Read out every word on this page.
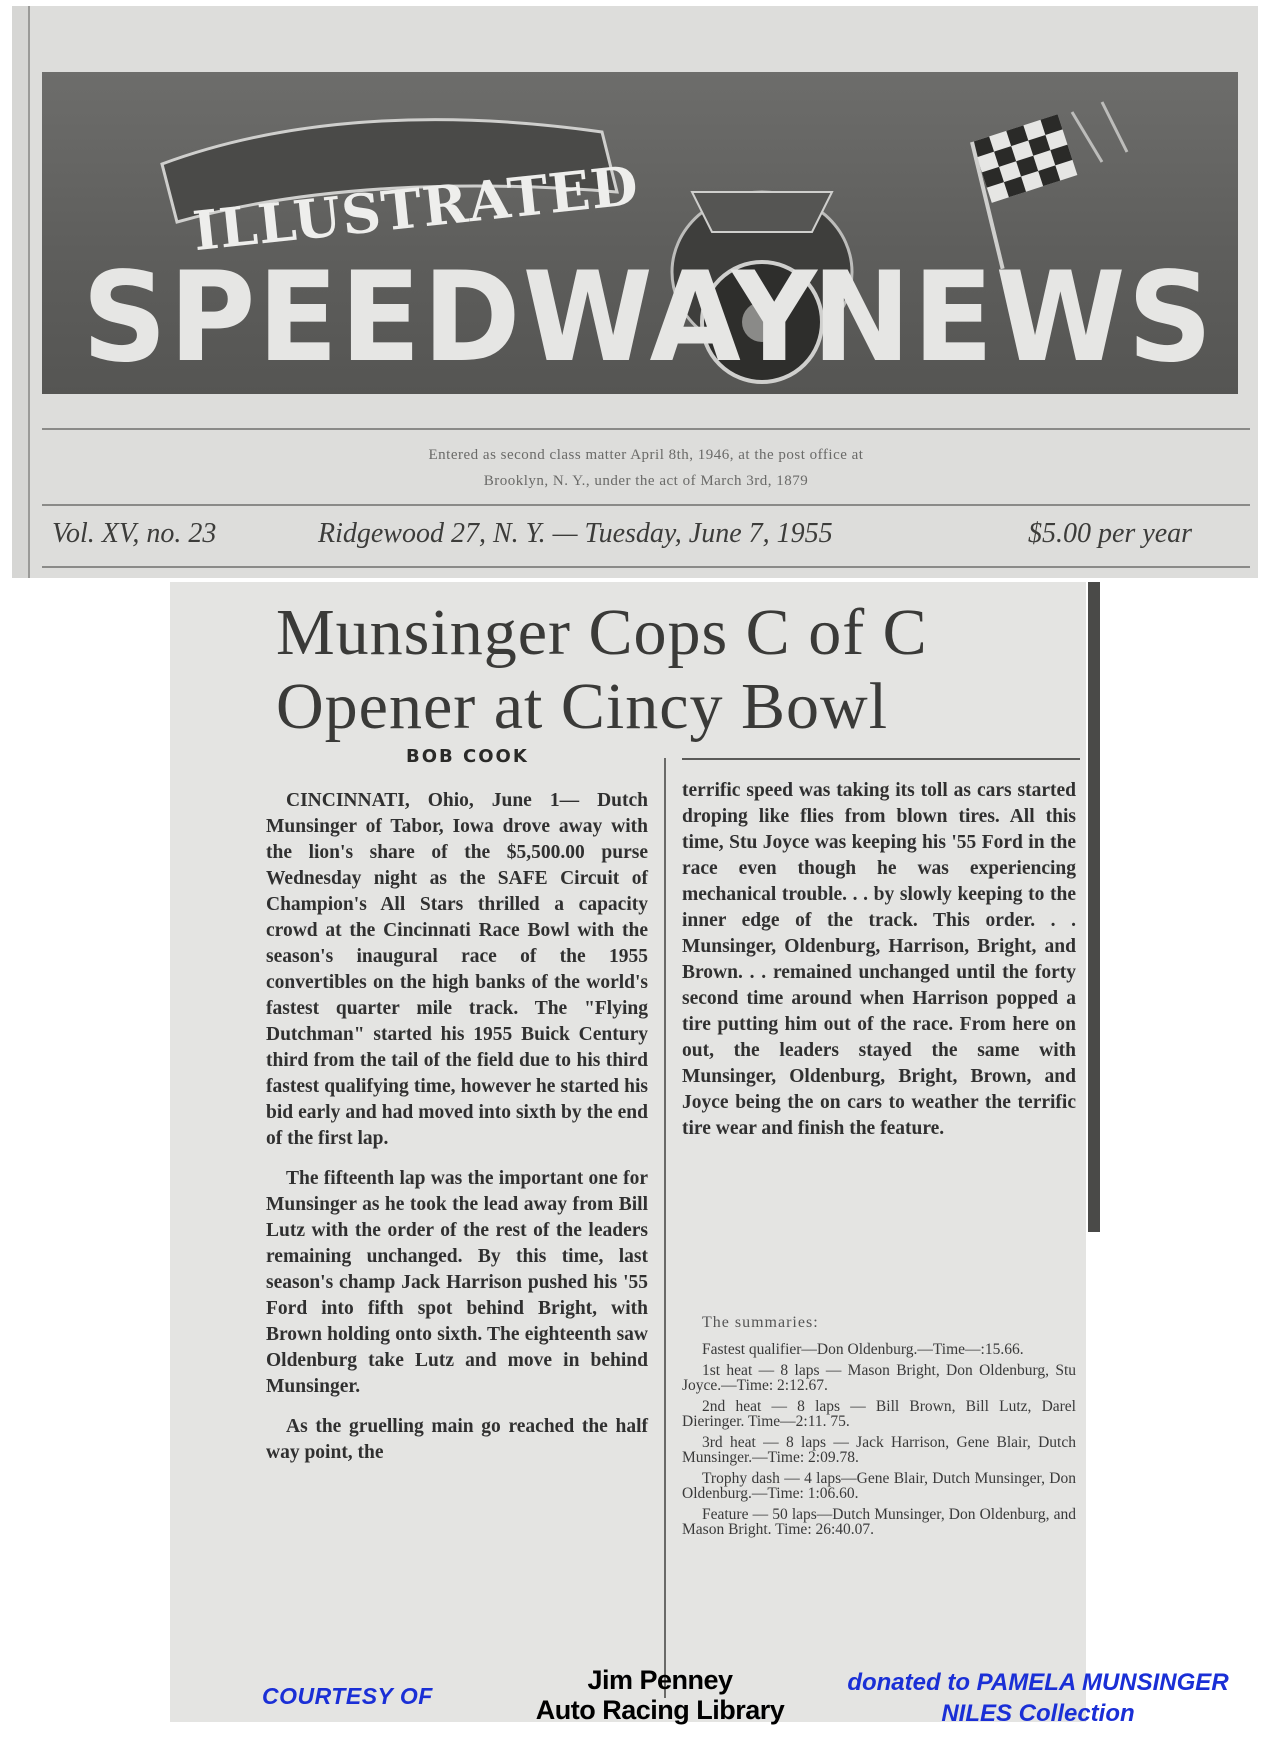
ILLUSTRATED
SPEEDWAY
NEWS
Entered as second class matter April 8th, 1946, at the post office at
Brooklyn, N. Y., under the act of March 3rd, 1879
Vol. XV, no. 23	Ridgewood 27, N. Y. — Tuesday, June 7, 1955	$5.00 per year
Munsinger Cops C of C Opener at Cincy Bowl
BOB COOK

CINCINNATI, Ohio, June 1— Dutch Munsinger of Tabor, Iowa drove away with the lion's share of the $5,500.00 purse Wednesday night as the SAFE Circuit of Champion's All Stars thrilled a capacity crowd at the Cincinnati Race Bowl with the season's inaugural race of the 1955 convertibles on the high banks of the world's fastest quarter mile track. The "Flying Dutchman" started his 1955 Buick Century third from the tail of the field due to his third fastest qualifying time, however he started his bid early and had moved into sixth by the end of the first lap.

The fifteenth lap was the important one for Munsinger as he took the lead away from Bill Lutz with the order of the rest of the leaders remaining unchanged. By this time, last season's champ Jack Harrison pushed his '55 Ford into fifth spot behind Bright, with Brown holding onto sixth. The eighteenth saw Oldenburg take Lutz and move in behind Munsinger.

As the gruelling main go reached the half way point, the

terrific speed was taking its toll as cars started droping like flies from blown tires. All this time, Stu Joyce was keeping his '55 Ford in the race even though he was experiencing mechanical trouble. . . by slowly keeping to the inner edge of the track. This order. . . Munsinger, Oldenburg, Harrison, Bright, and Brown. . . remained unchanged until the forty second time around when Harrison popped a tire putting him out of the race. From here on out, the leaders stayed the same with Munsinger, Oldenburg, Bright, Brown, and Joyce being the on cars to weather the terrific tire wear and finish the feature.

The summaries:

Fastest qualifier—Don Oldenburg.—Time—:15.66.

1st heat — 8 laps — Mason Bright, Don Oldenburg, Stu Joyce.—Time: 2:12.67.

2nd heat — 8 laps — Bill Brown, Bill Lutz, Darel Dieringer. Time—2:11. 75.

3rd heat — 8 laps — Jack Harrison, Gene Blair, Dutch Munsinger.—Time: 2:09.78.

Trophy dash — 4 laps—Gene Blair, Dutch Munsinger, Don Oldenburg.—Time: 1:06.60.

Feature — 50 laps—Dutch Munsinger, Don Oldenburg, and Mason Bright. Time: 26:40.07.

COURTESY OF
Jim Penney
Auto Racing Library
donated to PAMELA MUNSINGER
NILES Collection
